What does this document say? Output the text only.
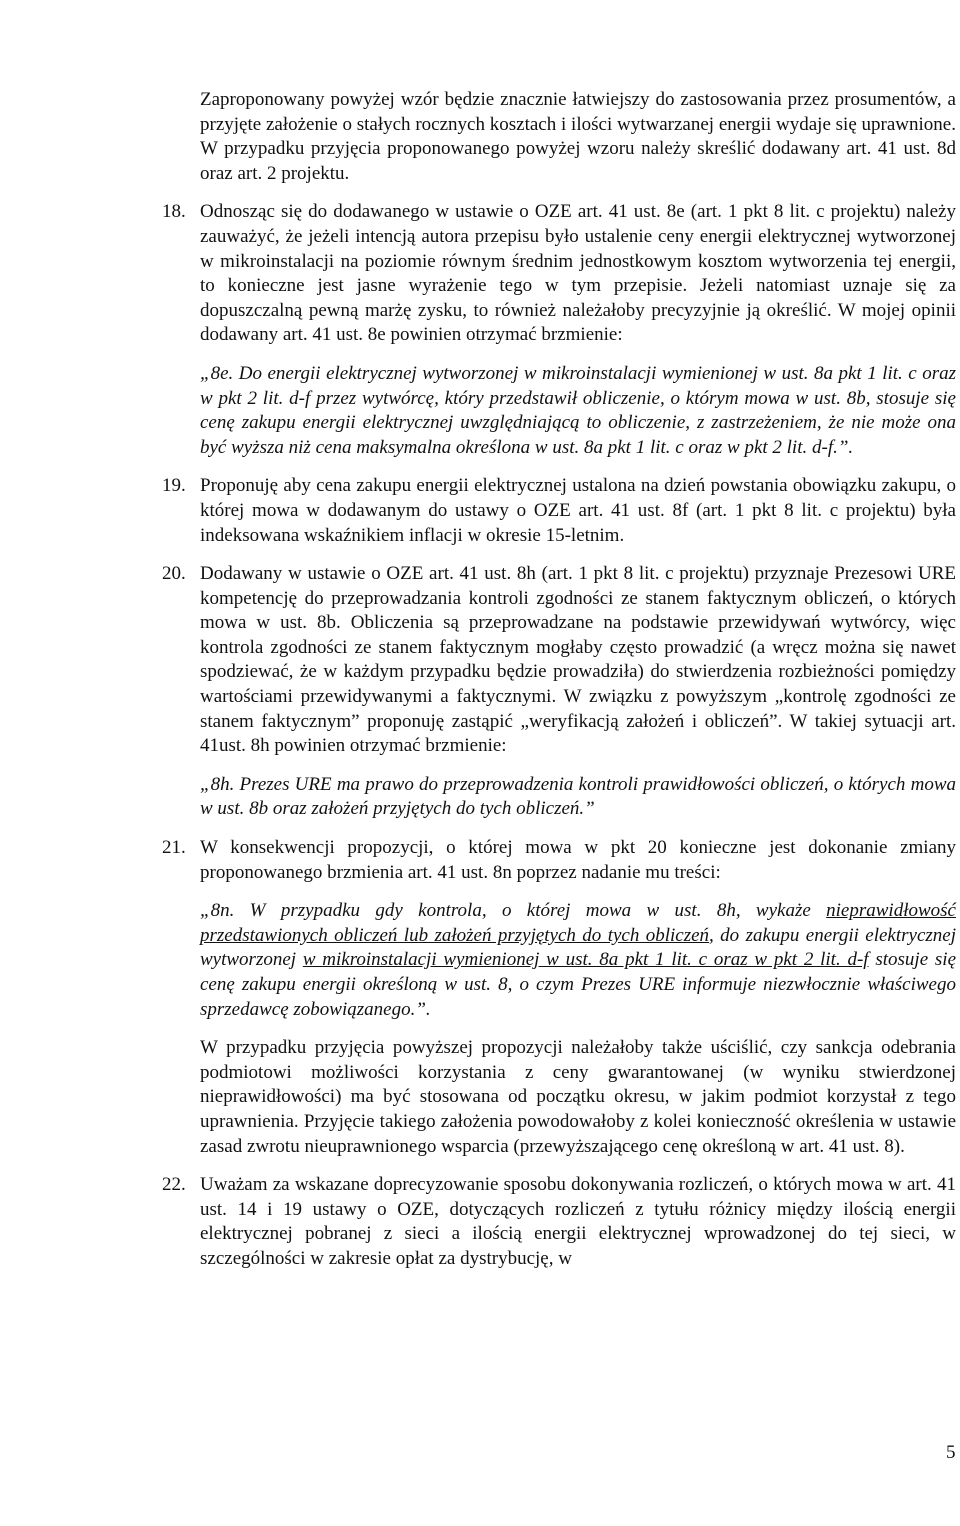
Zaproponowany powyżej wzór będzie znacznie łatwiejszy do zastosowania przez prosumentów, a przyjęte założenie o stałych rocznych kosztach i ilości wytwarzanej energii wydaje się uprawnione. W przypadku przyjęcia proponowanego powyżej wzoru należy skreślić dodawany art. 41 ust. 8d oraz art. 2 projektu.

18. Odnosząc się do dodawanego w ustawie o OZE art. 41 ust. 8e (art. 1 pkt 8 lit. c projektu) należy zauważyć, że jeżeli intencją autora przepisu było ustalenie ceny energii elektrycznej wytworzonej w mikroinstalacji na poziomie równym średnim jednostkowym kosztom wytworzenia tej energii, to konieczne jest jasne wyrażenie tego w tym przepisie. Jeżeli natomiast uznaje się za dopuszczalną pewną marżę zysku, to również należałoby precyzyjnie ją określić. W mojej opinii dodawany art. 41 ust. 8e powinien otrzymać brzmienie:

„8e. Do energii elektrycznej wytworzonej w mikroinstalacji wymienionej w ust. 8a pkt 1 lit. c oraz w pkt 2 lit. d-f przez wytwórcę, który przedstawił obliczenie, o którym mowa w ust. 8b, stosuje się cenę zakupu energii elektrycznej uwzględniającą to obliczenie, z zastrzeżeniem, że nie może ona być wyższa niż cena maksymalna określona w ust. 8a pkt 1 lit. c oraz w pkt 2 lit. d-f.”.

19. Proponuję aby cena zakupu energii elektrycznej ustalona na dzień powstania obowiązku zakupu, o której mowa w dodawanym do ustawy o OZE art. 41 ust. 8f (art. 1 pkt 8 lit. c projektu) była indeksowana wskaźnikiem inflacji w okresie 15-letnim.

20. Dodawany w ustawie o OZE art. 41 ust. 8h (art. 1 pkt 8 lit. c projektu) przyznaje Prezesowi URE kompetencję do przeprowadzania kontroli zgodności ze stanem faktycznym obliczeń, o których mowa w ust. 8b. Obliczenia są przeprowadzane na podstawie przewidywań wytwórcy, więc kontrola zgodności ze stanem faktycznym mogłaby często prowadzić (a wręcz można się nawet spodziewać, że w każdym przypadku będzie prowadziła) do stwierdzenia rozbieżności pomiędzy wartościami przewidywanymi a faktycznymi. W związku z powyższym „kontrolę zgodności ze stanem faktycznym” proponuję zastąpić „weryfikacją założeń i obliczeń”. W takiej sytuacji art. 41ust. 8h powinien otrzymać brzmienie:

„8h. Prezes URE ma prawo do przeprowadzenia kontroli prawidłowości obliczeń, o których mowa w ust. 8b oraz założeń przyjętych do tych obliczeń.”

21. W konsekwencji propozycji, o której mowa w pkt 20 konieczne jest dokonanie zmiany proponowanego brzmienia art. 41 ust. 8n poprzez nadanie mu treści:

„8n. W przypadku gdy kontrola, o której mowa w ust. 8h, wykaże nieprawidłowość przedstawionych obliczeń lub założeń przyjętych do tych obliczeń, do zakupu energii elektrycznej wytworzonej w mikroinstalacji wymienionej w ust. 8a pkt 1 lit. c oraz w pkt 2 lit. d-f stosuje się cenę zakupu energii określoną w ust. 8, o czym Prezes URE informuje niezwłocznie właściwego sprzedawcę zobowiązanego.”.

W przypadku przyjęcia powyższej propozycji należałoby także uściślić, czy sankcja odebrania podmiotowi możliwości korzystania z ceny gwarantowanej (w wyniku stwierdzonej nieprawidłowości) ma być stosowana od początku okresu, w jakim podmiot korzystał z tego uprawnienia. Przyjęcie takiego założenia powodowałoby z kolei konieczność określenia w ustawie zasad zwrotu nieuprawnionego wsparcia (przewyższającego cenę określoną w art. 41 ust. 8).

22. Uważam za wskazane doprecyzowanie sposobu dokonywania rozliczeń, o których mowa w art. 41 ust. 14 i 19 ustawy o OZE, dotyczących rozliczeń z tytułu różnicy między ilością energii elektrycznej pobranej z sieci a ilością energii elektrycznej wprowadzonej do tej sieci, w szczególności w zakresie opłat za dystrybucję, w

5
